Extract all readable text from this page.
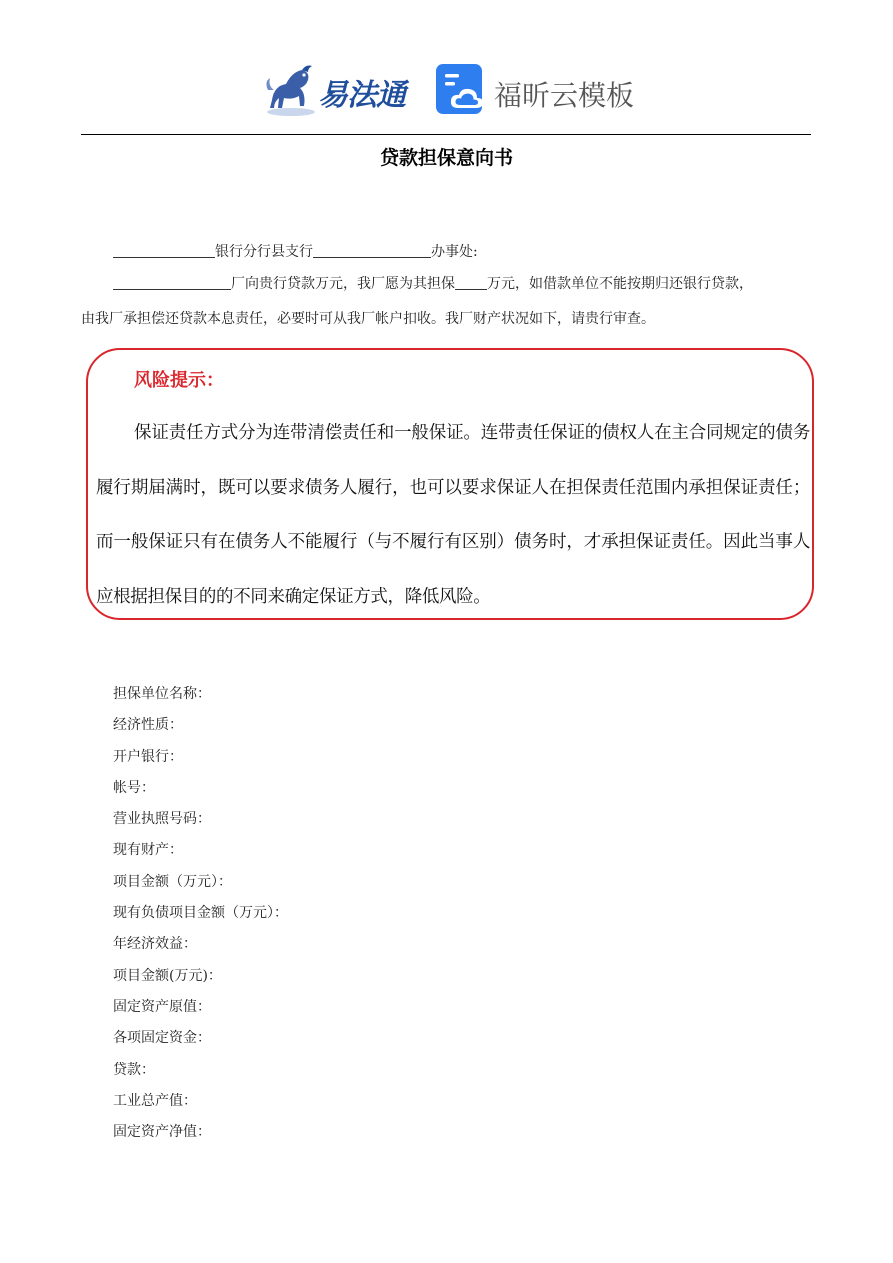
易法通	福昕云模板
贷款担保意向书
银行分行县支行	办事处:
厂向贵行贷款万元，我厂愿为其担保 万元，如借款单位不能按期归还银行贷款，
由我厂承担偿还贷款本息责任，必要时可从我厂帐户扣收。我厂财产状况如下，请贵行审查。
风险提示：
保证责任方式分为连带清偿责任和一般保证。连带责任保证的债权人在主合同规定的债务履行期届满时，既可以要求债务人履行，也可以要求保证人在担保责任范围内承担保证责任；而一般保证只有在债务人不能履行（与不履行有区别）债务时，才承担保证责任。因此当事人应根据担保目的的不同来确定保证方式，降低风险。
担保单位名称：
经济性质：
开户银行：
帐号：
营业执照号码：
现有财产：
项目金额（万元）：
现有负债项目金额（万元）：
年经济效益：
项目金额(万元)：
固定资产原值：
各项固定资金：
贷款：
工业总产值：
固定资产净值：
